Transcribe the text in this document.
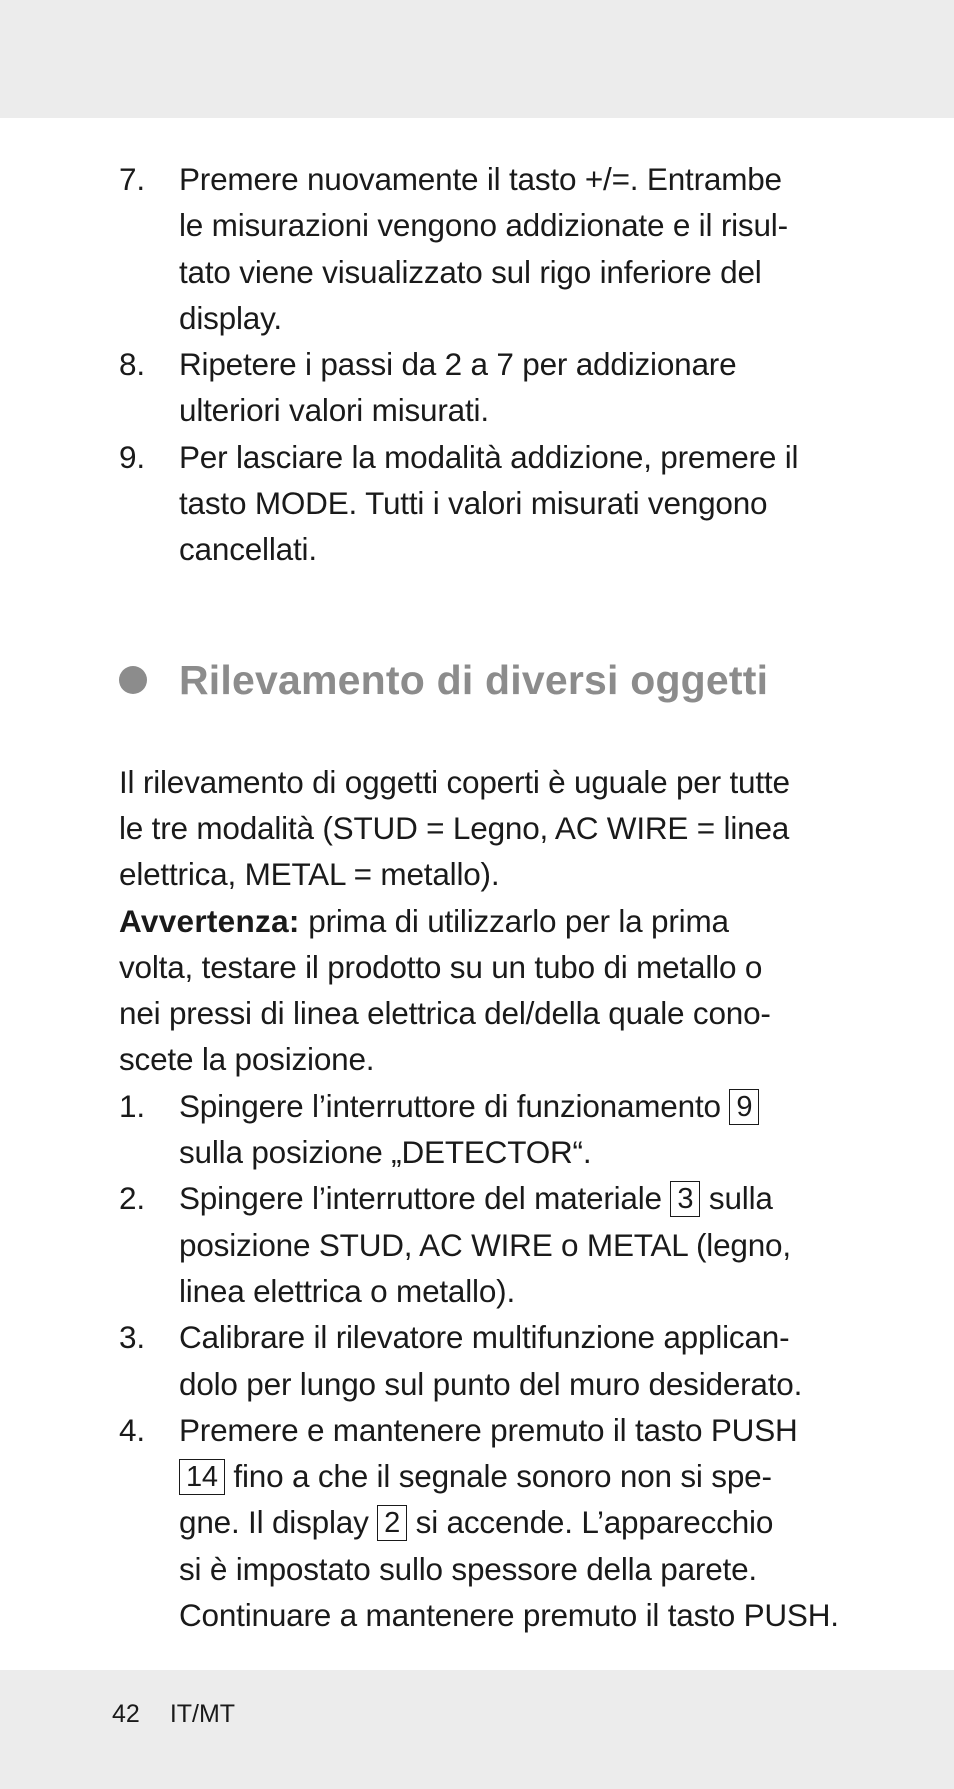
7.	Premere nuovamente il tasto +/=. Entrambe
le misurazioni vengono addizionate e il risul-
tato viene visualizzato sul rigo inferiore del
display.
8.	Ripetere i passi da 2 a 7 per addizionare
ulteriori valori misurati.
9.	Per lasciare la modalità addizione, premere il
tasto MODE. Tutti i valori misurati vengono
cancellati.
Rilevamento di diversi oggetti
Il rilevamento di oggetti coperti è uguale per tutte
le tre modalità (STUD = Legno, AC WIRE = linea
elettrica, METAL = metallo).
Avvertenza: prima di utilizzarlo per la prima
volta, testare il prodotto su un tubo di metallo o
nei pressi di linea elettrica del/della quale cono-
scete la posizione.
1.	Spingere l’interruttore di funzionamento 9
sulla posizione „DETECTOR“.
2.	Spingere l’interruttore del materiale 3 sulla
posizione STUD, AC WIRE o METAL (legno,
linea elettrica o metallo).
3.	Calibrare il rilevatore multifunzione applican-
dolo per lungo sul punto del muro desiderato.
4.	Premere e mantenere premuto il tasto PUSH
14 fino a che il segnale sonoro non si spe-
gne. Il display 2 si accende. L’apparecchio
si è impostato sullo spessore della parete.
Continuare a mantenere premuto il tasto PUSH.
42 IT/MT
